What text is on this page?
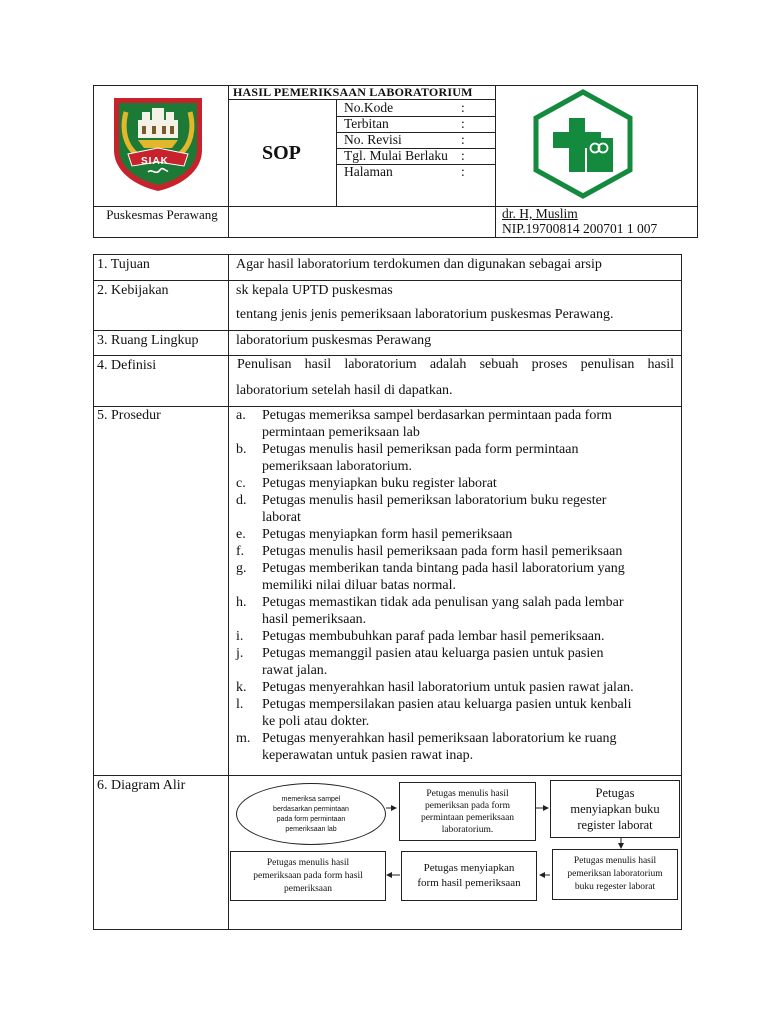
HASIL PEMERIKSAAN LABORATORIUM
SOP
No.Kode	:
Terbitan	:
No. Revisi	:
Tgl. Mulai Berlaku :
Halaman	:
SIAK
Puskesmas Perawang	dr. H, Muslim
NIP.19700814 200701 1 007
1. Tujuan	Agar hasil laboratorium terdokumen dan digunakan sebagai arsip
2. Kebijakan	sk kepala UPTD puskesmas
tentang jenis jenis pemeriksaan laboratorium puskesmas Perawang.
3. Ruang Lingkup	laboratorium puskesmas Perawang
4. Definisi	Penulisan hasil laboratorium adalah sebuah proses penulisan hasil
laboratorium setelah hasil di dapatkan.
5. Prosedur	a. Petugas memeriksa sampel berdasarkan permintaan pada form
permintaan pemeriksaan lab
b. Petugas menulis hasil pemeriksan pada form permintaan
pemeriksaan laboratorium.
c. Petugas menyiapkan buku register laborat
d. Petugas menulis hasil pemeriksan laboratorium buku regester
laborat
e. Petugas menyiapkan form hasil pemeriksaan
f. Petugas menulis hasil pemeriksaan pada form hasil pemeriksaan
g. Petugas memberikan tanda bintang pada hasil laboratorium yang
memiliki nilai diluar batas normal.
h. Petugas memastikan tidak ada penulisan yang salah pada lembar
hasil pemeriksaan.
i. Petugas membubuhkan paraf pada lembar hasil pemeriksaan.
j. Petugas memanggil pasien atau keluarga pasien untuk pasien
rawat jalan.
k. Petugas menyerahkan hasil laboratorium untuk pasien rawat jalan.
l. Petugas mempersilakan pasien atau keluarga pasien untuk kenbali
ke poli atau dokter.
m. Petugas menyerahkan hasil pemeriksaan laboratorium ke ruang
keperawatan untuk pasien rawat inap.
6. Diagram Alir
memeriksa sampel
berdasarkan permintaan
pada form permintaan
pemeriksaan lab
Petugas menulis hasil
pemeriksan pada form
permintaan pemeriksaan
laboratorium.
Petugas
menyiapkan buku
register laborat
Petugas menulis hasil
pemeriksan laboratorium
buku regester laborat
Petugas menyiapkan
form hasil pemeriksaan
Petugas menulis hasil
pemeriksaan pada form hasil
pemeriksaan
